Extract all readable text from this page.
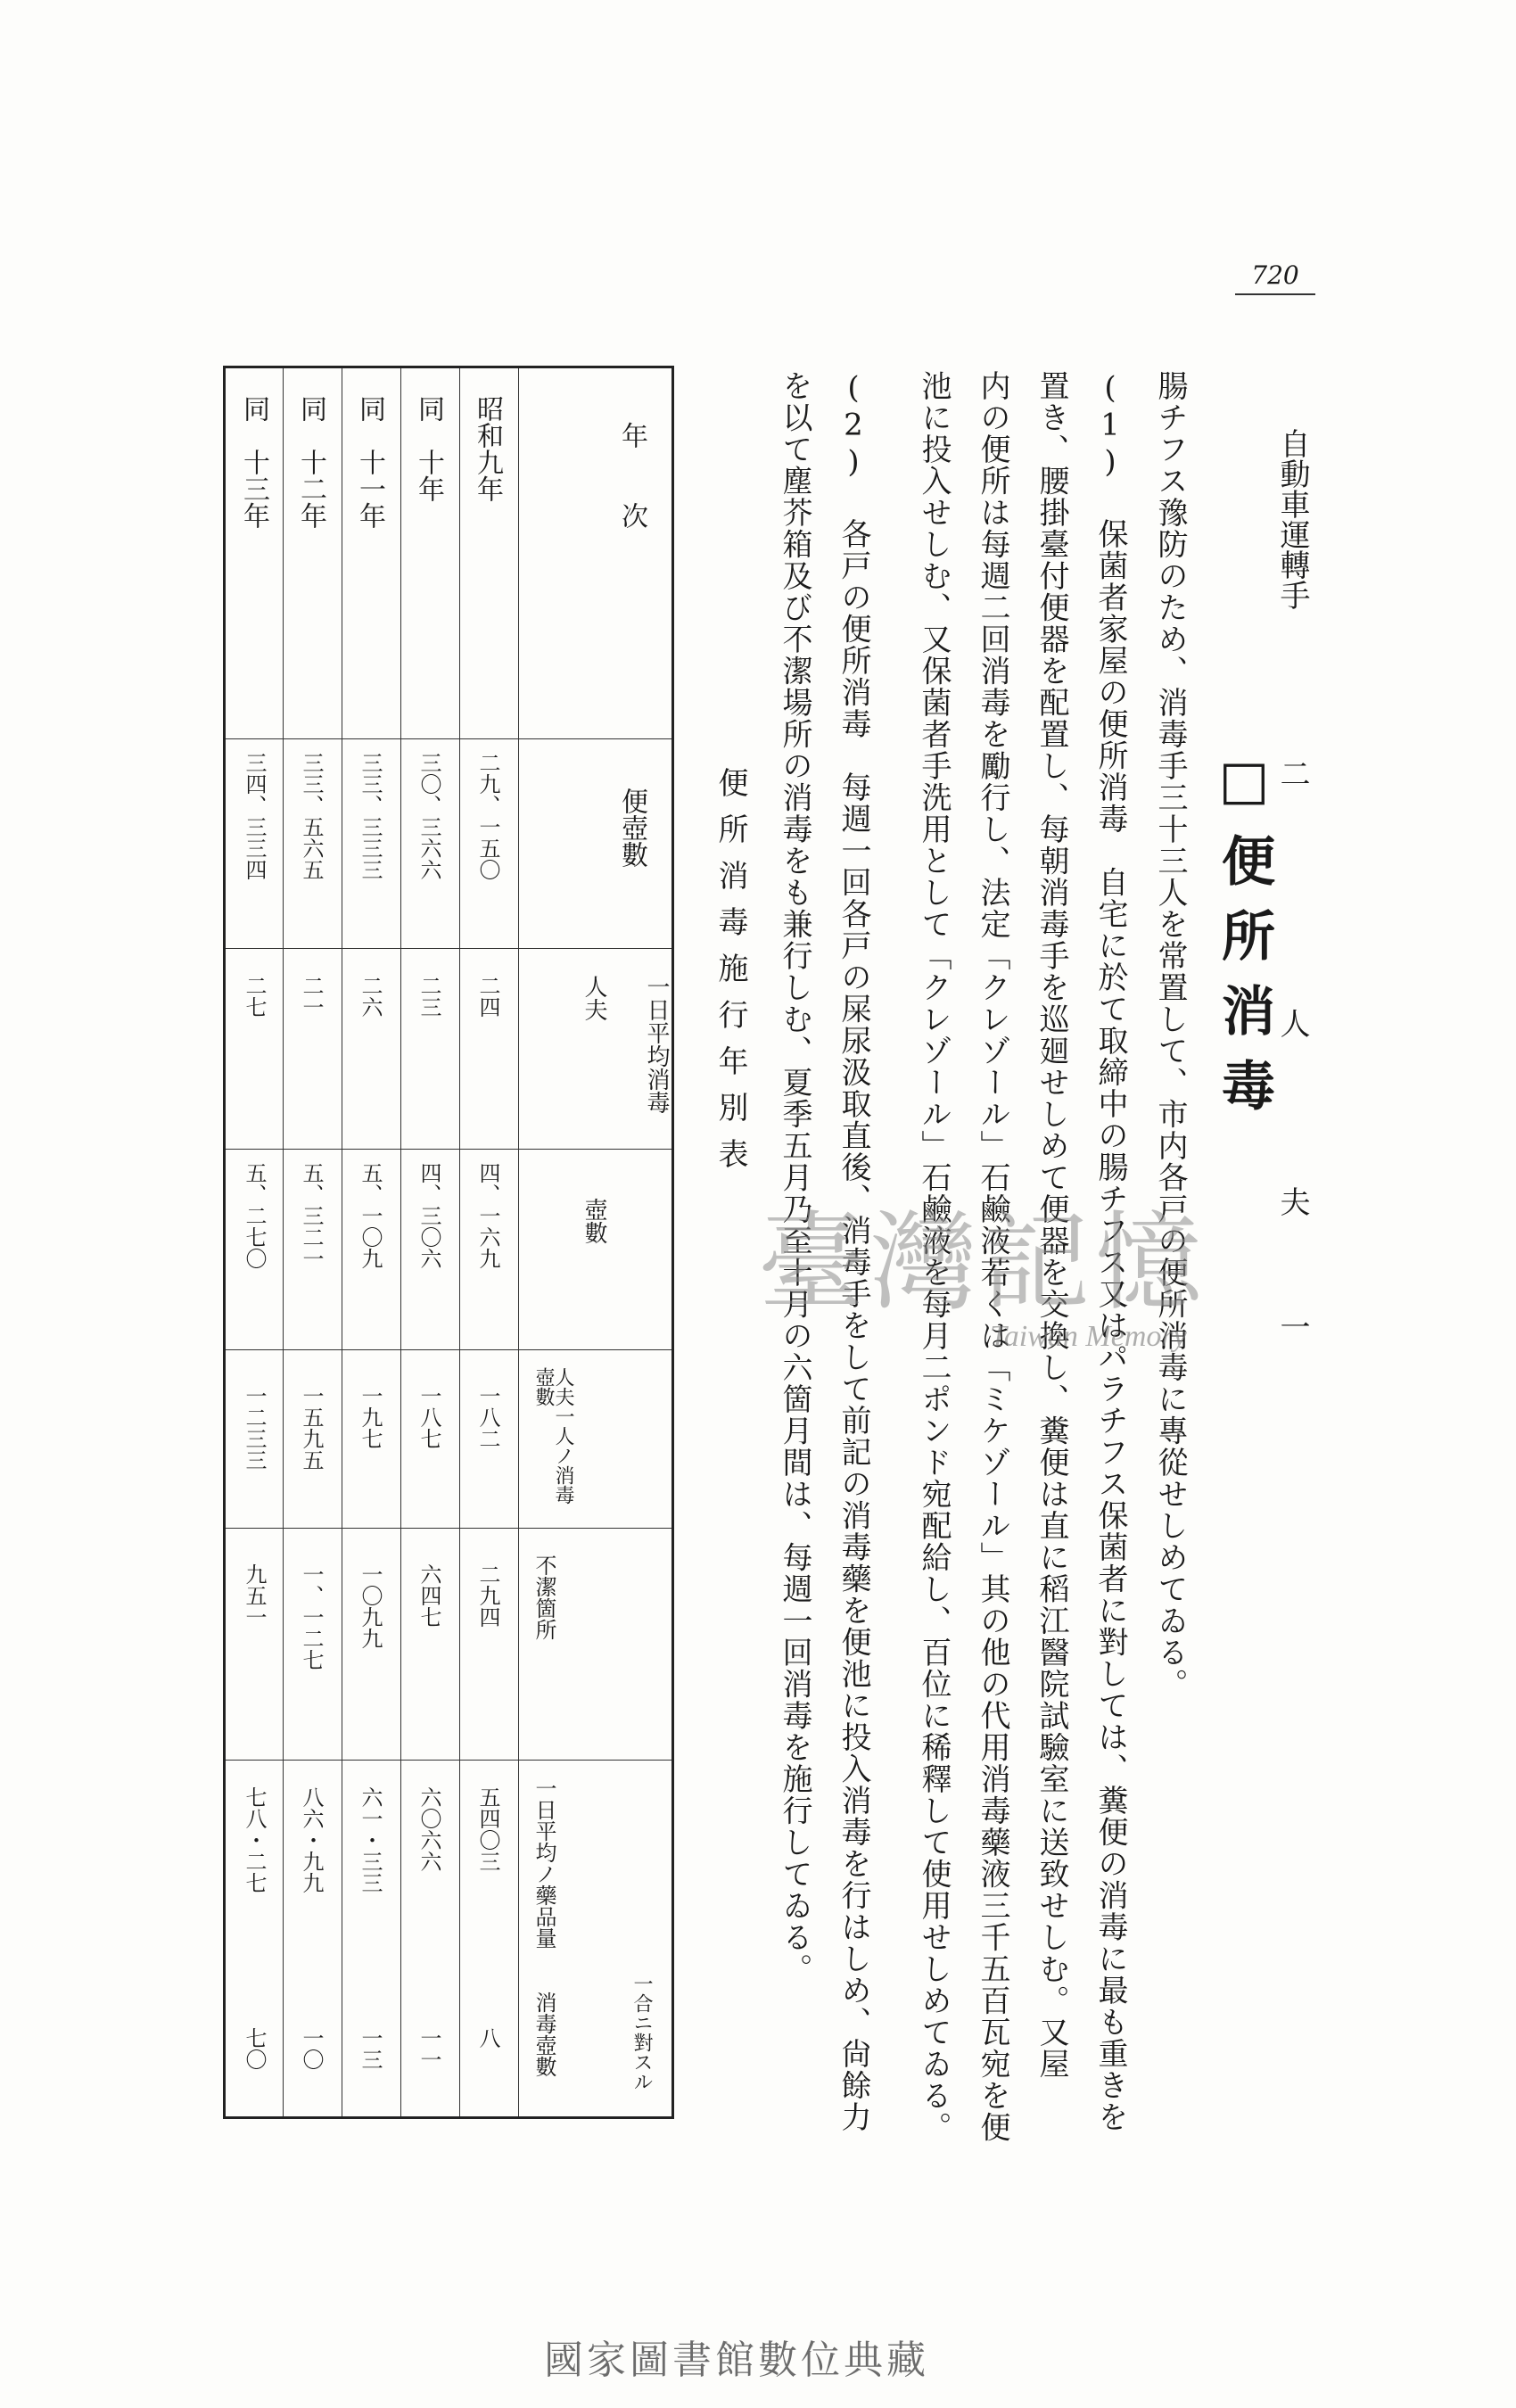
720
自動車運轉手
二
人
夫
一
□便所消毒
腸チフス豫防のため、消毒手三十三人を常置して、市内各戸の便所消毒に專從せしめてゐる。
(1) 保菌者家屋の便所消毒　自宅に於て取締中の腸チフス又はパラチフス保菌者に對しては、糞便の消毒に最も重きを
置き、腰掛臺付便器を配置し、每朝消毒手を巡廻せしめて便器を交換し、糞便は直に稻江醫院試驗室に送致せしむ。又屋
内の便所は每週二回消毒を勵行し、法定「クレゾール」石鹼液若くは「ミケゾール」其の他の代用消毒藥液三千五百瓦宛を便
池に投入せしむ、又保菌者手洗用として「クレゾール」石鹼液を每月二ポンド宛配給し、百位に稀釋して使用せしめてゐる。
(2) 各戸の便所消毒　每週一回各戸の屎尿汲取直後、消毒手をして前記の消毒藥を便池に投入消毒を行はしめ、尙餘力
を以て塵芥箱及び不潔場所の消毒をも兼行しむ、夏季五月乃至十月の六箇月間は、每週一回消毒を施行してゐる。
便所消毒施行年別表
年　　次
便壺數
一日平均消毒
人夫
壺數
人夫一人ノ消毒壺數
不潔箇所
一日平均ノ藥品量
一合ニ對スル
消毒壺數
昭和九年
二九、一五〇
二四
四、一六九
一八二
二九四
五四〇三
八
同　十年
三〇、三六六
二三
四、三〇六
一八七
六四七
六〇六六
一一
同　十一年
三三、三三三
二六
五、一〇九
一九七
一〇九九
六一・三三
一三
同　十二年
三三、五六五
二一
五、三二一
一五九五
一、一二七
八六・九九
一〇
同　十三年
三四、三三四
二七
五、二七〇
一二三三
九五一
七八・二七
七〇
臺灣記憶
Taiwan Memory
國家圖書館數位典藏
